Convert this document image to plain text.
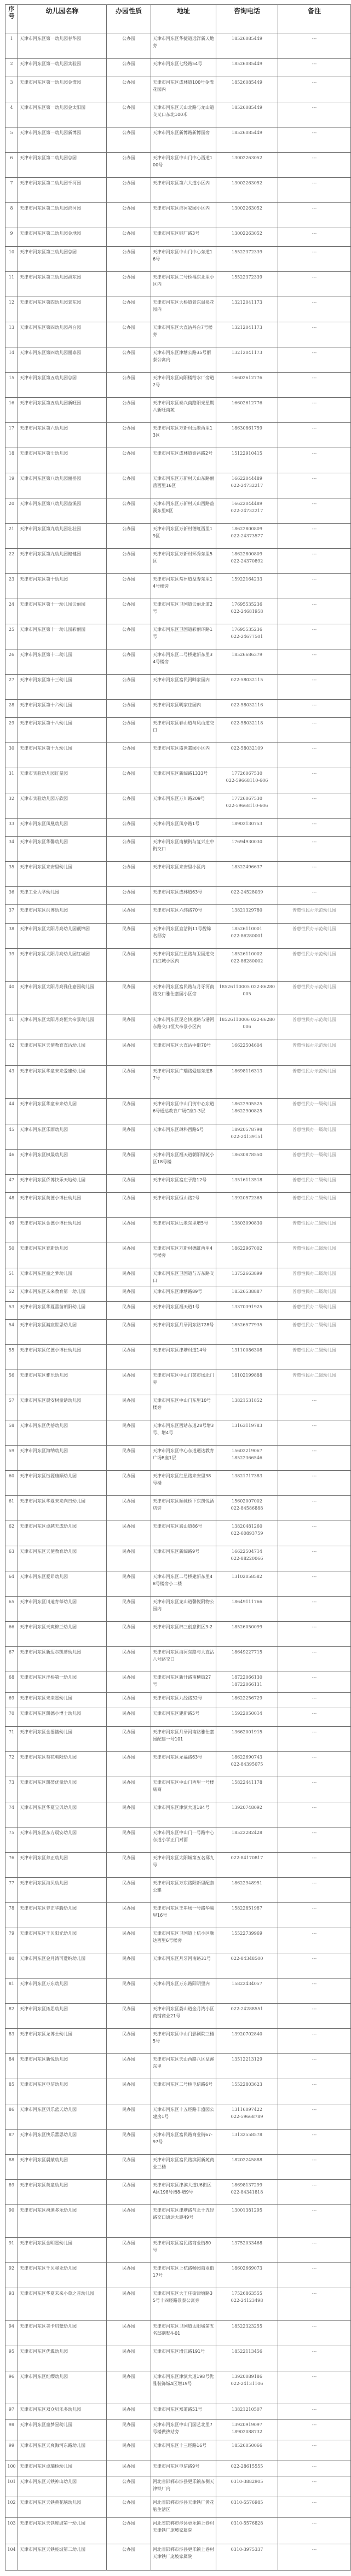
序号	幼儿园名称	办园性质	地址	咨询电话	备注
1	天津市河东区第一幼儿园春华园	公办园	天津市河东区华捷道远洋新天地旁	18526085449	---
2	天津市河东区第一幼儿园实验园	公办园	天津市河东区七经路54号	18526085449	---
3	天津市河东区第一幼儿园金湾园	公办园	天津市河东区成林道100号金湾花园内	18526085449	---
4	天津市河东区第一幼儿园金太阳园	公办园	天津市河东区天山北路与龙山道交叉口东北100米	18526085449	---
5	天津市河东区第一幼儿园新博园	公办园	天津市河东区新博路新博园旁	18526085449	---
6	天津市河东区第二幼儿园总园	公办园	天津市河东区中山门中心西道100号	13002263052	---
7	天津市河东区第二幼儿园千河园	公办园	天津市河东区第六大道小区内	13002263052	---
8	天津市河东区第二幼儿园滨河园	公办园	天津市河东区滨河家园小区内	13002263052	---
9	天津市河东区第二幼儿园金地园	公办园	天津市河东区钢厂路3号	13002263052	---
10	天津市河东区第三幼儿园总园	公办园	天津市河东区中山门中心东道16号	15522372339	---
11	天津市河东区第三幼儿园福东园	公办园	天津市河东区二号桥福东北里小区内	15522372339	---
12	天津市河东区第四幼儿园景东园	公办园	天津市河东区大桥道景东温泉花园内	13212041173	---
13	天津市河东区第四幼儿园丹台园	公办园	天津市河东区大直沽丹台7号楼旁	13212041173	---
14	天津市河东区第四幼儿园丽泰园	公办园	天津市河东区津塘公路35号丽泰公寓内	13212041173	---
15	天津市河东区第五幼儿园总园	公办园	天津市河东区向阳楼给水厂旁道2号	16602612776	---
16	天津市河东区第五幼儿园新旺园	公办园	天津市河东区泰兴南路阳光星期八新旺南苑	16602612776	---
17	天津市河东区第六幼儿园	公办园	天津市河东区万新村远翠西里13区	18630861759	---
18	天津市河东区第七幼儿园	公办园	天津市河东区成林道泰昌路2号	15122910415	---
19	天津市河东区第八幼儿园丽岳园	公办园	天津市河东区万新村天山东路丽岳西里16区	16622044489
022-24732217	---
20	天津市河东区第八幼儿园益溪园	公办园	天津市河东区万新村天山西路益溪东里8区	16622044489
022-24732217	---
21	天津市河东区第九幼儿园壮壮园	公办园	天津市河东区万新村德虹西里19区	18622800809
022-24373577	---
22	天津市河东区第九幼儿园健健园	公办园	天津市河东区万新村环秀东里5区	18622800809
022-24370892	---
23	天津市河东区第十幼儿园	公办园	天津市河东区常州道益寿东里14号楼旁	15922164233	---
24	天津市河东区第十一幼儿园云丽园	公办园	天津市河东区卫国道云丽北道2号	17695535236
022-24681958	---
25	天津市河东区第十一幼儿园彩丽园	公办园	天津市河东区卫国道彩丽环路1号	17695535236
022-24677501	---
26	天津市河东区第十二幼儿园	公办园	天津市河东区二号桥建新东里34号楼旁	18526686379	---
27	天津市河东区第十三幼儿园	公办园	天津市河东区富民河畔家园内	022-58032115	---
28	天津市河东区第十六幼儿园	公办园	天津市河东区明家庄园内	022-58032116	---
29	天津市河东区第十八幼儿园	公办园	天津市河东区春山道与凤山道交口	022-58032118	---
30	天津市河东区第十九幼儿园	公办园	天津市河东区盛世嘉园小区内	022-58032109	---
31	天津市实验幼儿园红星园	公办园	天津市河东区新阔路1333号	17726067530
022-59668110-606	---
32	天津市实验幼儿园万欣园	公办园	天津市河东区万川路209号	17726067530
022-59668110-606	---
33	天津市河东区凤凰幼儿园	公办园	天津市河东区凤亭路1号	18902130753	---
34	天津市河东区华馨幼儿园	公办园	天津市河东区南横街与复兴庄中街交口	17694930030	---
35	天津市河东区来安里幼儿园	公办园	天津市河东区来安里小区内	18322496637	---
36	天津工业大学幼儿园	公办园	天津市河东区成林道63号	022-24528039	---
37	天津市河东区洪博幼儿园	民办园	天津市河东区六纬路70号	13821329780	普惠性民办示范幼儿园
38	天津市河东区太阳月亮幼儿园靓锦园	民办园	天津市河东区直沽街11号靓锦名邸旁	18526110001
022-86280001	普惠性民办示范幼儿园
39	天津市河东区太阳月亮幼儿园红城园	民办园	天津市河东区红星路与卫国道交口红城小区内	18526110002
022-86280002	普惠性民办示范幼儿园
40	天津市河东区太阳月亮雅仕嘉园幼儿园	民办园	天津市河东区富民路与月牙河南路交口雅仕嘉园小区旁	18526110005 022-86280005	普惠性民办示范幼儿园
41	天津市河东区太阳月亮恒大帝景幼儿园	民办园	天津市河东区昆仑快速路与港河东路交口恒大帝景小区内	18526110006 022-86280006	普惠性民办示范幼儿园
42	天津市河东区天使教育直沽幼儿园	民办园	天津市河东区大直沽中街70号	16622504604	普惠性民办示范幼儿园
43	天津市河东区华童未来爱建幼儿园	民办园	天津市河东区广瑞路爱建东道87号	18698116313	普惠性民办示范幼儿园
44	天津市河东区华童未来幼儿园	民办园	天津市河东区中山门街中心东道6号通达教育广场C座1-3层	18622905525
18622900825	普惠性民办一级幼儿园
45	天津市河东区乐雨幼儿园	民办园	天津市河东区琳科西路5号	18920578798
022-24139151	普惠性民办一级幼儿园
46	天津市河东区枫晟幼儿园	民办园	天津市河东区福天道朝阳绿苑小区18号楼	18630878550	普惠性民办一级幼儿园
47	天津市河东区侨博快乐天地幼儿园	民办园	天津市河东区富庄子路12号	13516113518	普惠性民办二级幼儿园
48	天津市河东区英德小博仕幼儿园	民办园	天津市河东区恒山路2号	13920572365	普惠性民办二级幼儿园
49	天津市河东区金德小博仕幼儿园	民办园	天津市河东区远翠东里增5号	13803090830	普惠性民办二级幼儿园
50	天津市河东区育新幼儿园	民办园	天津市河东区万新村德虹西里4号楼旁	18622967002	普惠性民办二级幼儿园
51	天津市河东区童之梦幼儿园	民办园	天津市河东区卫国道与万东路交口	13752663899	普惠性民办二级幼儿园
52	天津市河东区未来教育第一幼儿园	民办园	天津市河东区津塘路89号	18526538887	普惠性民办二级幼儿园
53	天津市河东区华夏蕾苗朝阳幼儿园	民办园	天津市河东区福天道1号	13370391925	普惠性民办二级幼儿园
54	天津市河东区瀚宸世思幼儿园	民办园	天津市河东区月牙河东路728号	18526577935	普惠性民办二级幼儿园
55	天津市河东区亿德小博仕幼儿园	民办园	天津市河东区津塘村道14号	13110086308	普惠性民办二级幼儿园
56	天津市河东区雅乐幼儿园	民办园	天津市河东区中山门菜市场北门旁	18102199888	普惠性民办二级幼儿园
57	天津市河东区晨安树童话幼儿园	民办园	天津市河东区中山门东里10号楼旁	13821531852	---
58	天津市河东区优蓓幼儿园	民办园	天津市河东区西站东道28号增3号、增4号	13163119783	---
59	天津市河东区海纳幼儿园	民办园	天津市河东区中心东道通达教育广场B座1层	15602219067
18522366546	---
60	天津市河东区钰源康顺幼儿园	民办园	天津市河东区红星路来安里38号楼	13821717383	---
61	天津市河东区华夏未来向日幼儿园	民办园	天津市河东区顺驰桥下东凯悦酒店旁	15602007002
022-84586888	---
62	天津市河东区卓越天成幼儿园	民办园	天津市河东区嵩山道86号	13820481260
022-60893759	---
63	天津市河东区天使教育幼儿园	民办园	天津市河东区新阔路9号	16622504714
022-88220066	---
64	天津市河东区爱昂幼儿园	民办园	天津市河东区二号桥建新东里48号楼旁小二楼	13102058582	---
65	天津市河东区川迪育蒂幼儿园	民办园	天津市河东区龙山道馨悦附物公园内	18649111766	---
66	天津市河东区天爽棉三幼儿园	民办园	天津市河东区棉三创意街区3-2	18526050099	---
67	天津市河东区新迈尔凯蒂幼儿园	民办园	天津市河东区海河东路与大直沽八号路交口	18649227715	---
68	天津市河东区洋桥第一幼儿园	民办园	天津市河东区新开路南横街27号	18722066130
18722066131	---
69	天津市河东区未来星幼儿园	民办园	天津市河东区九经路32号	18622256729	---
70	天津市河东区凯德小博士幼儿园	民办园	天津市河东区建新路5号	15922050014	---
71	天津市河东区金摇篮幼儿园	民办园	天津市河东区月牙河南路雅仕嘉园配建一号101	13662001915	---
72	天津市河东区葵花朝阳幼儿园	民办园	天津市河东区龙福路63号	18622690743
022-84395075	---
73	天津市河东区凯蒂优童幼儿园	民办园	天津市河东区中山门西里一号楼底商	15822441178	---
74	天津市河东区华夏宝贝幼儿园	民办园	天津市河东区津滨大道184号	13920748092	---
75	天津市河东区东方晨安幼儿园	民办园	天津市河东区中山门一号路中心东道小学正门对面	18522282428	---
76	天津市河东区养正幼儿园	民办园	天津市河东区太阳城第五名邸九号	022-84170817	---
77	天津市河东区海贝幼儿园	民办园	天津市河东区万东路阳新里配套公建	18622948951	---
78	天津市河东区养正华腾幼儿园	民办园	天津市河东区王串场一号路华腾里16号	15822851987	---
79	天津市河东区千贝阳光幼儿园	民办园	天津市河东区卫国道上杭小区顺达西里6号楼旁	15522739969	---
80	天津市河东区金月湾可爱纳幼儿园	民办园	天津市河东区月牙河南路31号	022-84348500	---
81	天津市河东区万东幼儿园	民办园	天津市河东区万东路阳明里内	15822434057	---
82	天津市河东区拓思幼儿园	民办园	天津市河东区娄山道金月湾小区商铺商业21号	022-24288551	---
83	天津市河东区龙博士幼儿园	民办园	天津市河东区中山门影剧院三楼5号	13920702840	---
84	天津市河东区新悦幼儿园	民办园	天津市河东区天山西路八区益溪东里	13512213129	---
85	天津市河东区电信幼儿园	民办园	天津市河东区二号桥电信路6号	15522803623	---
86	天津市河东区贝乐蓝天幼儿园	民办园	天津市河东区十五经路丰盛园公建房1号	13116097422
022-59668789	---
87	天津市河东区快乐蕾思幼儿园	民办园	天津市河东区富民路商业街67-97号	13132558578	---
88	天津市河东区晨蒙幼儿园	民办园	天津市河东区富民路滨河新苑商业三楼	18202245888	---
89	天津市河东区英童幼儿园	民办园	天津市河东区津滨大道U6街区A区198号增8-增9号	18698137299
022-84341818	---
90	天津市河东区禧迪多乐幼儿园	民办园	天津市河东区津塘路与北十五经路交口通达大厦49号	13001381295	---
91	天津市河东区金明星幼儿园	民办园	天津市河东区富民路商业街80号	13752033468	---
92	天津市河东区千贝骏亚幼儿园	民办园	天津市河东区上杭路畅园商业街17号	18602669073	---
93	天津市河东区华夏未来小草之音幼儿园	民办园	天津市河东区大王庄街津塘路35号十四经路景泰公寓旁	17526863555
022-24123498	---
94	天津市河东区美卡启蒙幼儿园	民办园	天津市河东区卫国道太阳城第五名邸别墅4-01	18522323255	---
95	天津市河东区优翼幼儿园	民办园	天津市河东区增江路191号	18522113456	---
96	天津市河东区红缨幼儿园	民办园	天津市河东区津滨大道198号优雅装饰城A区增19号	13920089186
022-24131106	---
97	天津市河东区双众贝乐多幼儿园	民办园	天津市河东区郑道路51号	13821210507	---
98	天津市河东区童梦星幼儿园	民办园	天津市河东区中山门园艺北里7号楼供热站旁	13920919097
18902088732	---
99	天津市河东区天爽海河东路幼儿园	民办园	天津市河东区十三经路16号	18526050066	---
100	天津市河东区卓瑞桥幼儿园	民办园	天津市河东区电信路9号	022-28615555	---
101	天津市河东区天铁神山幼儿园	公办园	河北省邯郸市涉县更乐镇东侧天津铁厂内	0310-3882905	---
102	天津市河东区天铁黄花脑幼儿园	公办园	河北省邯郸市涉县天津铁厂黄花脑生活区	0310-5576985	---
103	天津市河东区天铁庞坡第一幼儿园	公办园	河北省邯郸市涉县更乐镇上卷村天津铁厂庞坡家属院	0310-5576828	---
104	天津市河东区天铁庞坡第二幼儿园	公办园	河北省邯郸市涉县更乐镇上卷村天津铁厂庞坡家属院	0310-3975337	---
